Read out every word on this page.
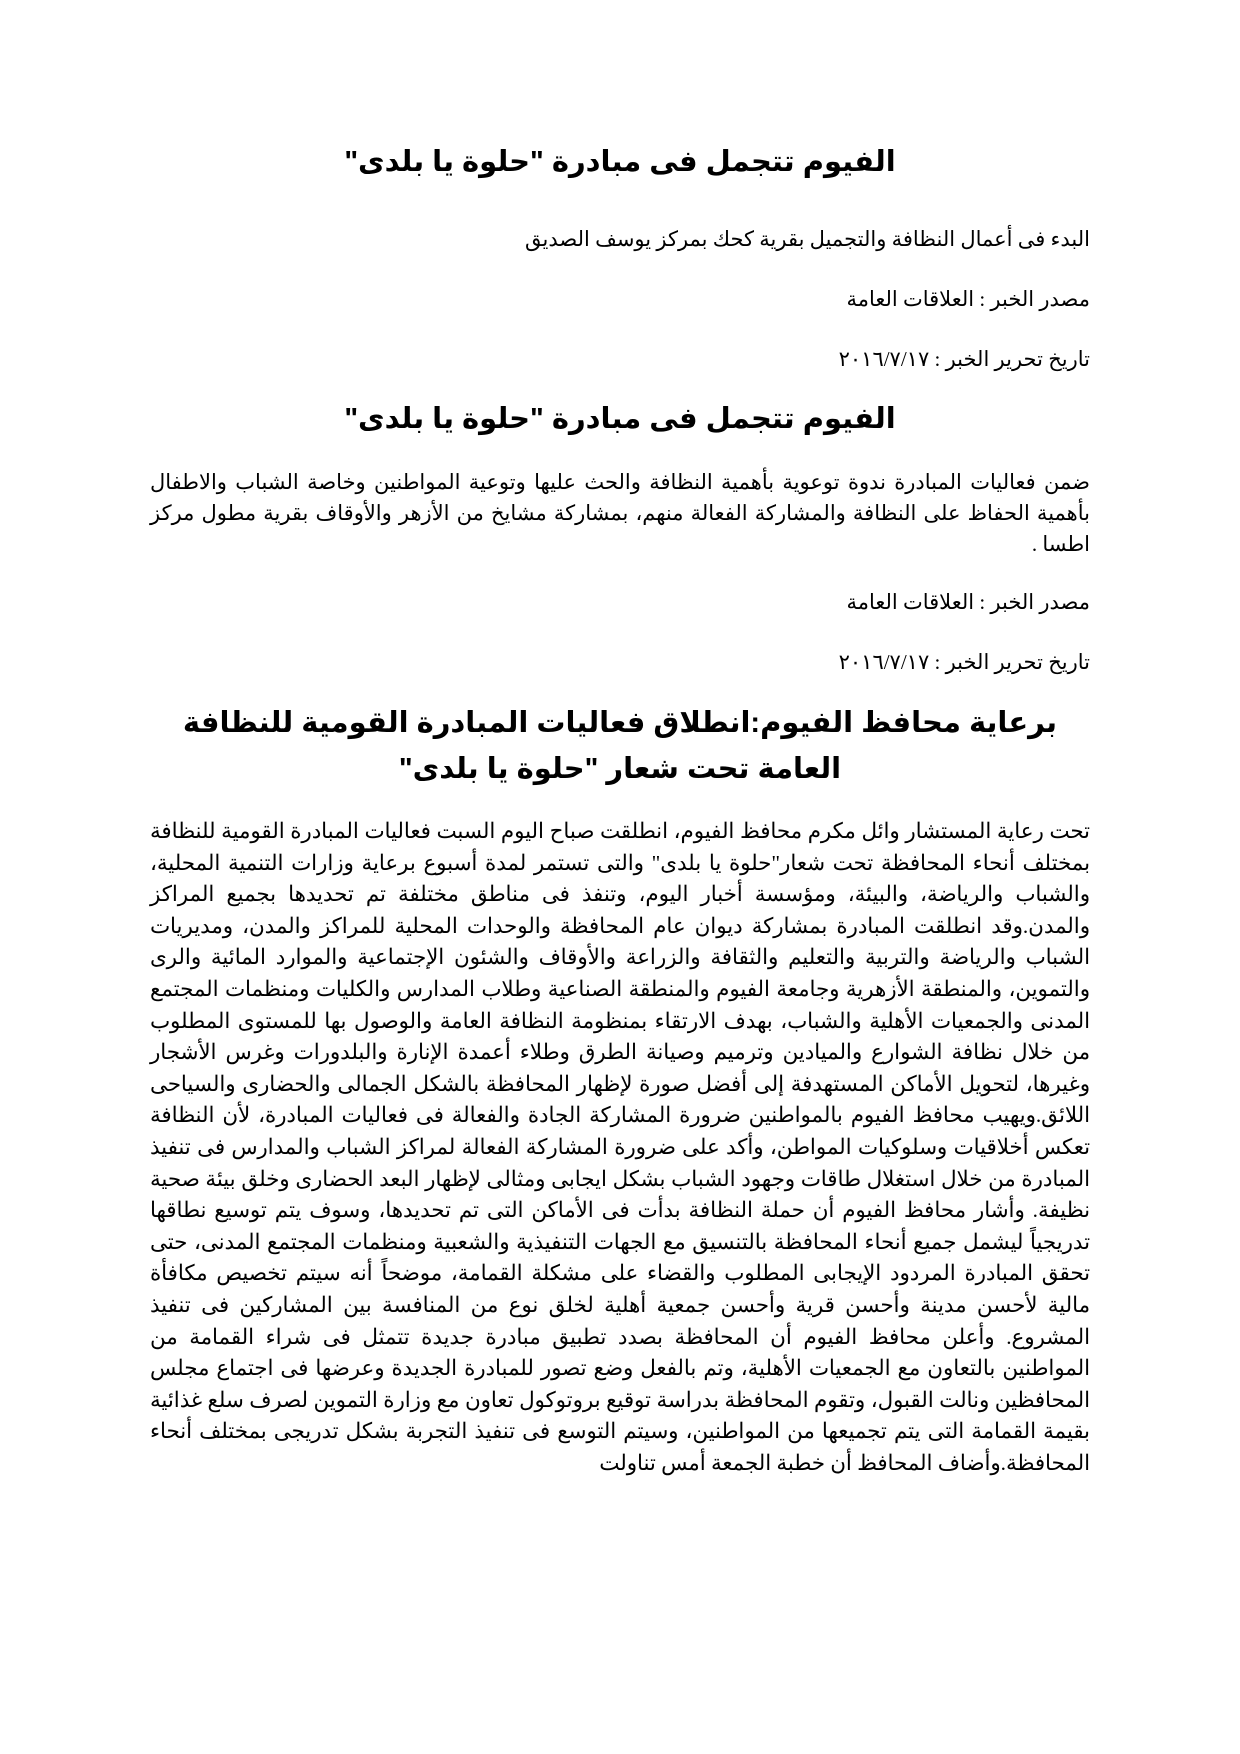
الفيوم تتجمل فى مبادرة "حلوة يا بلدى"

البدء فى أعمال النظافة والتجميل بقرية كحك بمركز يوسف الصديق

مصدر الخبر : العلاقات العامة

تاريخ تحرير الخبر : ٢٠١٦/٧/١٧

الفيوم تتجمل فى مبادرة "حلوة يا بلدى"

ضمن فعاليات المبادرة ندوة توعوية بأهمية النظافة والحث عليها وتوعية المواطنين وخاصة الشباب والاطفال بأهمية الحفاظ على النظافة والمشاركة الفعالة منهم، بمشاركة مشايخ من الأزهر والأوقاف بقرية مطول مركز اطسا .

مصدر الخبر : العلاقات العامة

تاريخ تحرير الخبر : ٢٠١٦/٧/١٧

برعاية محافظ الفيوم:انطلاق فعاليات المبادرة القومية للنظافة العامة تحت شعار "حلوة يا بلدى"

تحت رعاية المستشار وائل مكرم محافظ الفيوم، انطلقت صباح اليوم السبت فعاليات المبادرة القومية للنظافة بمختلف أنحاء المحافظة تحت شعار"حلوة يا بلدى" والتى تستمر لمدة أسبوع برعاية وزارات التنمية المحلية، والشباب والرياضة، والبيئة، ومؤسسة أخبار اليوم، وتنفذ فى مناطق مختلفة تم تحديدها بجميع المراكز والمدن.وقد انطلقت المبادرة بمشاركة ديوان عام المحافظة والوحدات المحلية للمراكز والمدن، ومديريات الشباب والرياضة والتربية والتعليم والثقافة والزراعة والأوقاف والشئون الإجتماعية والموارد المائية والرى والتموين، والمنطقة الأزهرية وجامعة الفيوم والمنطقة الصناعية وطلاب المدارس والكليات ومنظمات المجتمع المدنى والجمعيات الأهلية والشباب، بهدف الارتقاء بمنظومة النظافة العامة والوصول بها للمستوى المطلوب من خلال نظافة الشوارع والميادين وترميم وصيانة الطرق وطلاء أعمدة الإنارة والبلدورات وغرس الأشجار وغيرها، لتحويل الأماكن المستهدفة إلى أفضل صورة لإظهار المحافظة بالشكل الجمالى والحضارى والسياحى اللائق.ويهيب محافظ الفيوم بالمواطنين ضرورة المشاركة الجادة والفعالة فى فعاليات المبادرة، لأن النظافة تعكس أخلاقيات وسلوكيات المواطن، وأكد على ضرورة المشاركة الفعالة لمراكز الشباب والمدارس فى تنفيذ المبادرة من خلال استغلال طاقات وجهود الشباب بشكل ايجابى ومثالى لإظهار البعد الحضارى وخلق بيئة صحية نظيفة. وأشار محافظ الفيوم أن حملة النظافة بدأت فى الأماكن التى تم تحديدها، وسوف يتم توسيع نطاقها تدريجياً ليشمل جميع أنحاء المحافظة بالتنسيق مع الجهات التنفيذية والشعبية ومنظمات المجتمع المدنى، حتى تحقق المبادرة المردود الإيجابى المطلوب والقضاء على مشكلة القمامة، موضحاً أنه سيتم تخصيص مكافأة مالية لأحسن مدينة وأحسن قرية وأحسن جمعية أهلية لخلق نوع من المنافسة بين المشاركين فى تنفيذ المشروع. وأعلن محافظ الفيوم أن المحافظة بصدد تطبيق مبادرة جديدة تتمثل فى شراء القمامة من المواطنين بالتعاون مع الجمعيات الأهلية، وتم بالفعل وضع تصور للمبادرة الجديدة وعرضها فى اجتماع مجلس المحافظين ونالت القبول، وتقوم المحافظة بدراسة توقيع بروتوكول تعاون مع وزارة التموين لصرف سلع غذائية بقيمة القمامة التى يتم تجميعها من المواطنين، وسيتم التوسع فى تنفيذ التجربة بشكل تدريجى بمختلف أنحاء المحافظة.وأضاف المحافظ أن خطبة الجمعة أمس تناولت
